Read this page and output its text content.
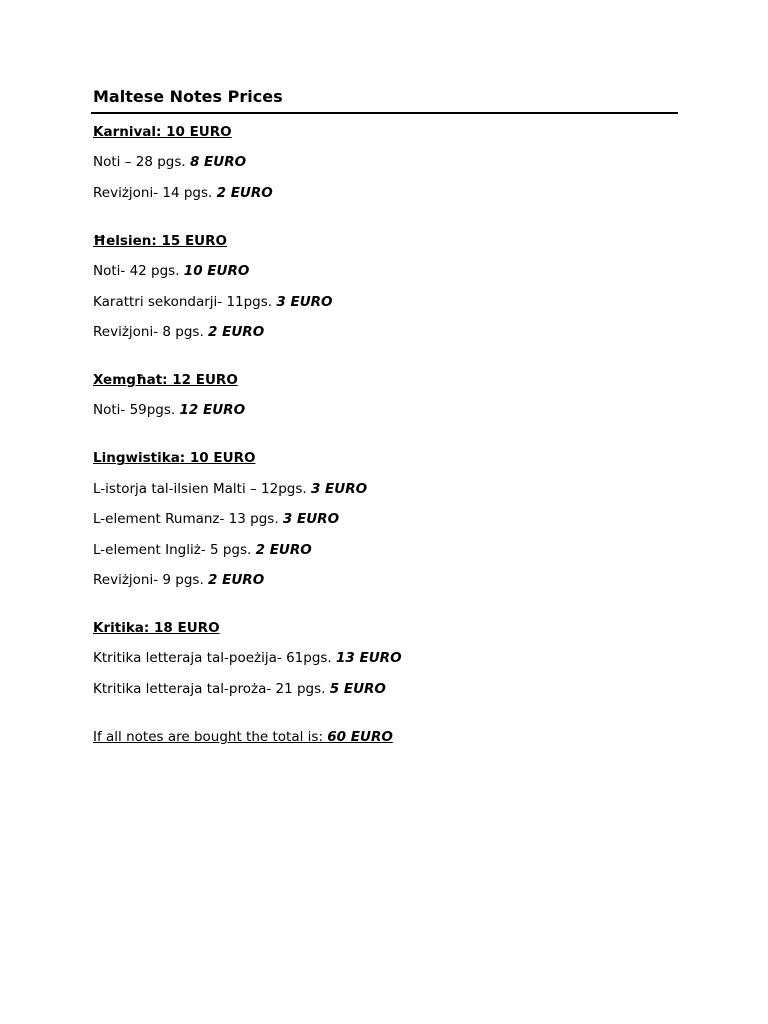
Maltese Notes Prices
Karnival: 10 EURO
Noti – 28 pgs. 8 EURO
Reviżjoni- 14 pgs. 2 EURO
Ħelsien: 15 EURO
Noti- 42 pgs. 10 EURO
Karattri sekondarji- 11pgs. 3 EURO
Reviżjoni- 8 pgs. 2 EURO
Xemgħat: 12 EURO
Noti- 59pgs. 12 EURO
Lingwistika: 10 EURO
L-istorja tal-ilsien Malti – 12pgs. 3 EURO
L-element Rumanz- 13 pgs. 3 EURO
L-element Ingliż- 5 pgs. 2 EURO
Reviżjoni- 9 pgs. 2 EURO
Kritika: 18 EURO
Ktritika letteraja tal-poeżija- 61pgs. 13 EURO
Ktritika letteraja tal-proża- 21 pgs. 5 EURO
If all notes are bought the total is: 60 EURO
